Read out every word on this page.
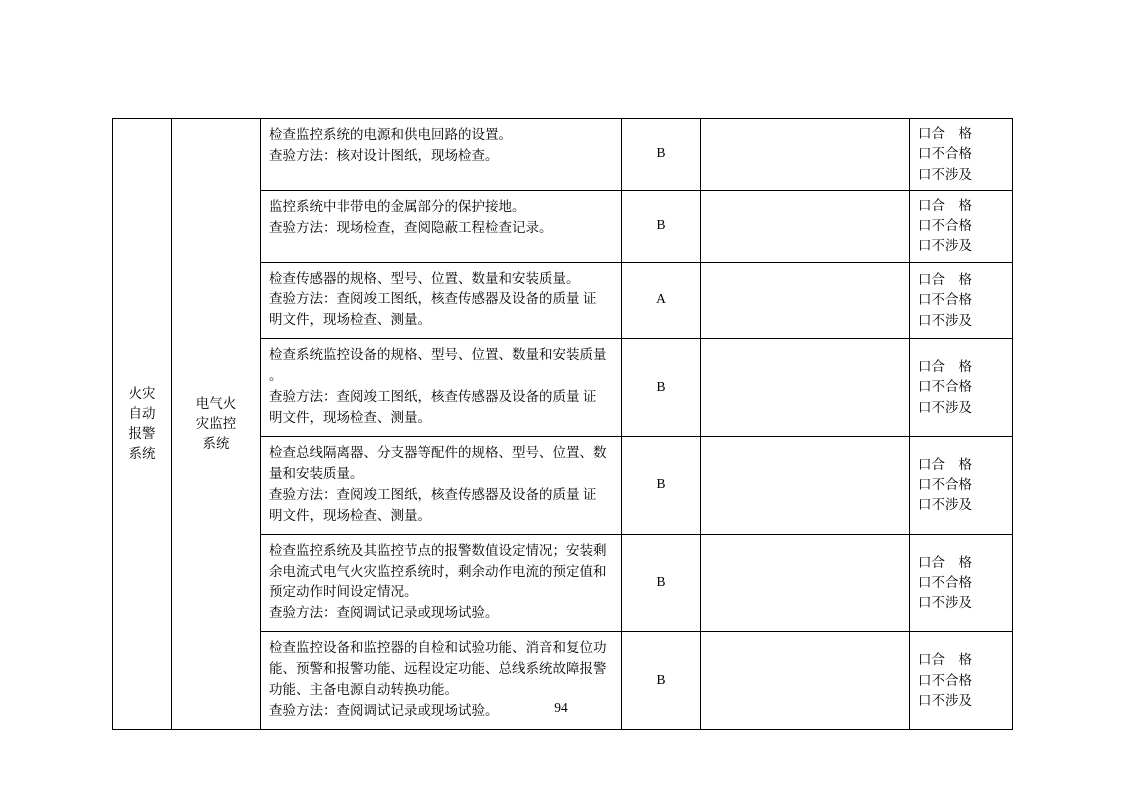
火灾
自动
报警
系统	电气火
灾监控
系统	检查监控系统的电源和供电回路的设置。
查验方法：核对设计图纸，现场检查。	B		口合　格
口不合格
口不涉及

		监控系统中非带电的金属部分的保护接地。
查验方法：现场检查，查阅隐蔽工程检查记录。	B		口合　格
口不合格
口不涉及

		检查传感器的规格、型号、位置、数量和安装质量。
查验方法：查阅竣工图纸，核查传感器及设备的质量 证
明文件，现场检查、测量。	A		口合　格
口不合格
口不涉及

		检查系统监控设备的规格、型号、位置、数量和安装质量
。
查验方法：查阅竣工图纸，核查传感器及设备的质量 证
明文件，现场检查、测量。	B		口合　格
口不合格
口不涉及

		检查总线隔离器、分支器等配件的规格、型号、位置、数
量和安装质量。
查验方法：查阅竣工图纸，核查传感器及设备的质量 证
明文件，现场检查、测量。	B		口合　格
口不合格
口不涉及

		检查监控系统及其监控节点的报警数值设定情况；安装剩
余电流式电气火灾监控系统时，剩余动作电流的预定值和
预定动作时间设定情况。
查验方法：查阅调试记录或现场试验。	B		口合　格
口不合格
口不涉及

		检查监控设备和监控器的自检和试验功能、消音和复位功
能、预警和报警功能、远程设定功能、总线系统故障报警
功能、主备电源自动转换功能。
查验方法：查阅调试记录或现场试验。	B		口合　格
口不合格
口不涉及
94
